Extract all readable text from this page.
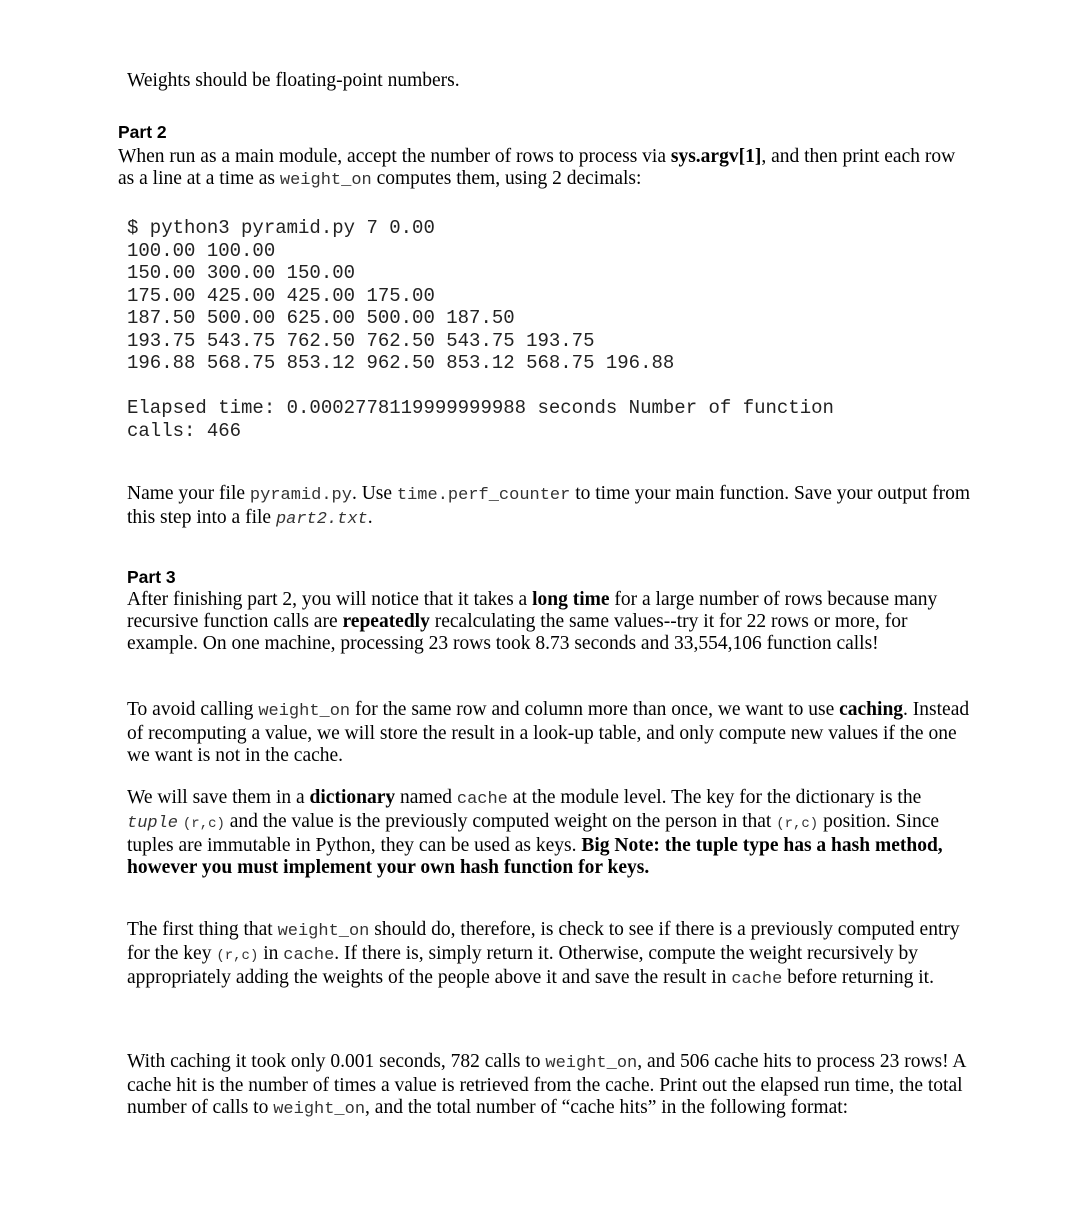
Weights should be floating-point numbers.

Part 2

When run as a main module, accept the number of rows to process via sys.argv[1], and then print each row as a line at a time as weight_on computes them, using 2 decimals:

$ python3 pyramid.py 7 0.00
100.00 100.00
150.00 300.00 150.00
175.00 425.00 425.00 175.00
187.50 500.00 625.00 500.00 187.50
193.75 543.75 762.50 762.50 543.75 193.75
196.88 568.75 853.12 962.50 853.12 568.75 196.88

Elapsed time: 0.0002778119999999988 seconds Number of function
calls: 466

Name your file pyramid.py. Use time.perf_counter to time your main function. Save your output from this step into a file part2.txt.

Part 3

After finishing part 2, you will notice that it takes a long time for a large number of rows because many recursive function calls are repeatedly recalculating the same values--try it for 22 rows or more, for example. On one machine, processing 23 rows took 8.73 seconds and 33,554,106 function calls!

To avoid calling weight_on for the same row and column more than once, we want to use caching. Instead of recomputing a value, we will store the result in a look-up table, and only compute new values if the one we want is not in the cache.

We will save them in a dictionary named cache at the module level. The key for the dictionary is the tuple (r,c) and the value is the previously computed weight on the person in that (r,c) position. Since tuples are immutable in Python, they can be used as keys. Big Note: the tuple type has a hash method, however you must implement your own hash function for keys.

The first thing that weight_on should do, therefore, is check to see if there is a previously computed entry for the key (r,c) in cache. If there is, simply return it. Otherwise, compute the weight recursively by appropriately adding the weights of the people above it and save the result in cache before returning it.

With caching it took only 0.001 seconds, 782 calls to weight_on, and 506 cache hits to process 23 rows! A cache hit is the number of times a value is retrieved from the cache. Print out the elapsed run time, the total number of calls to weight_on, and the total number of “cache hits” in the following format:
